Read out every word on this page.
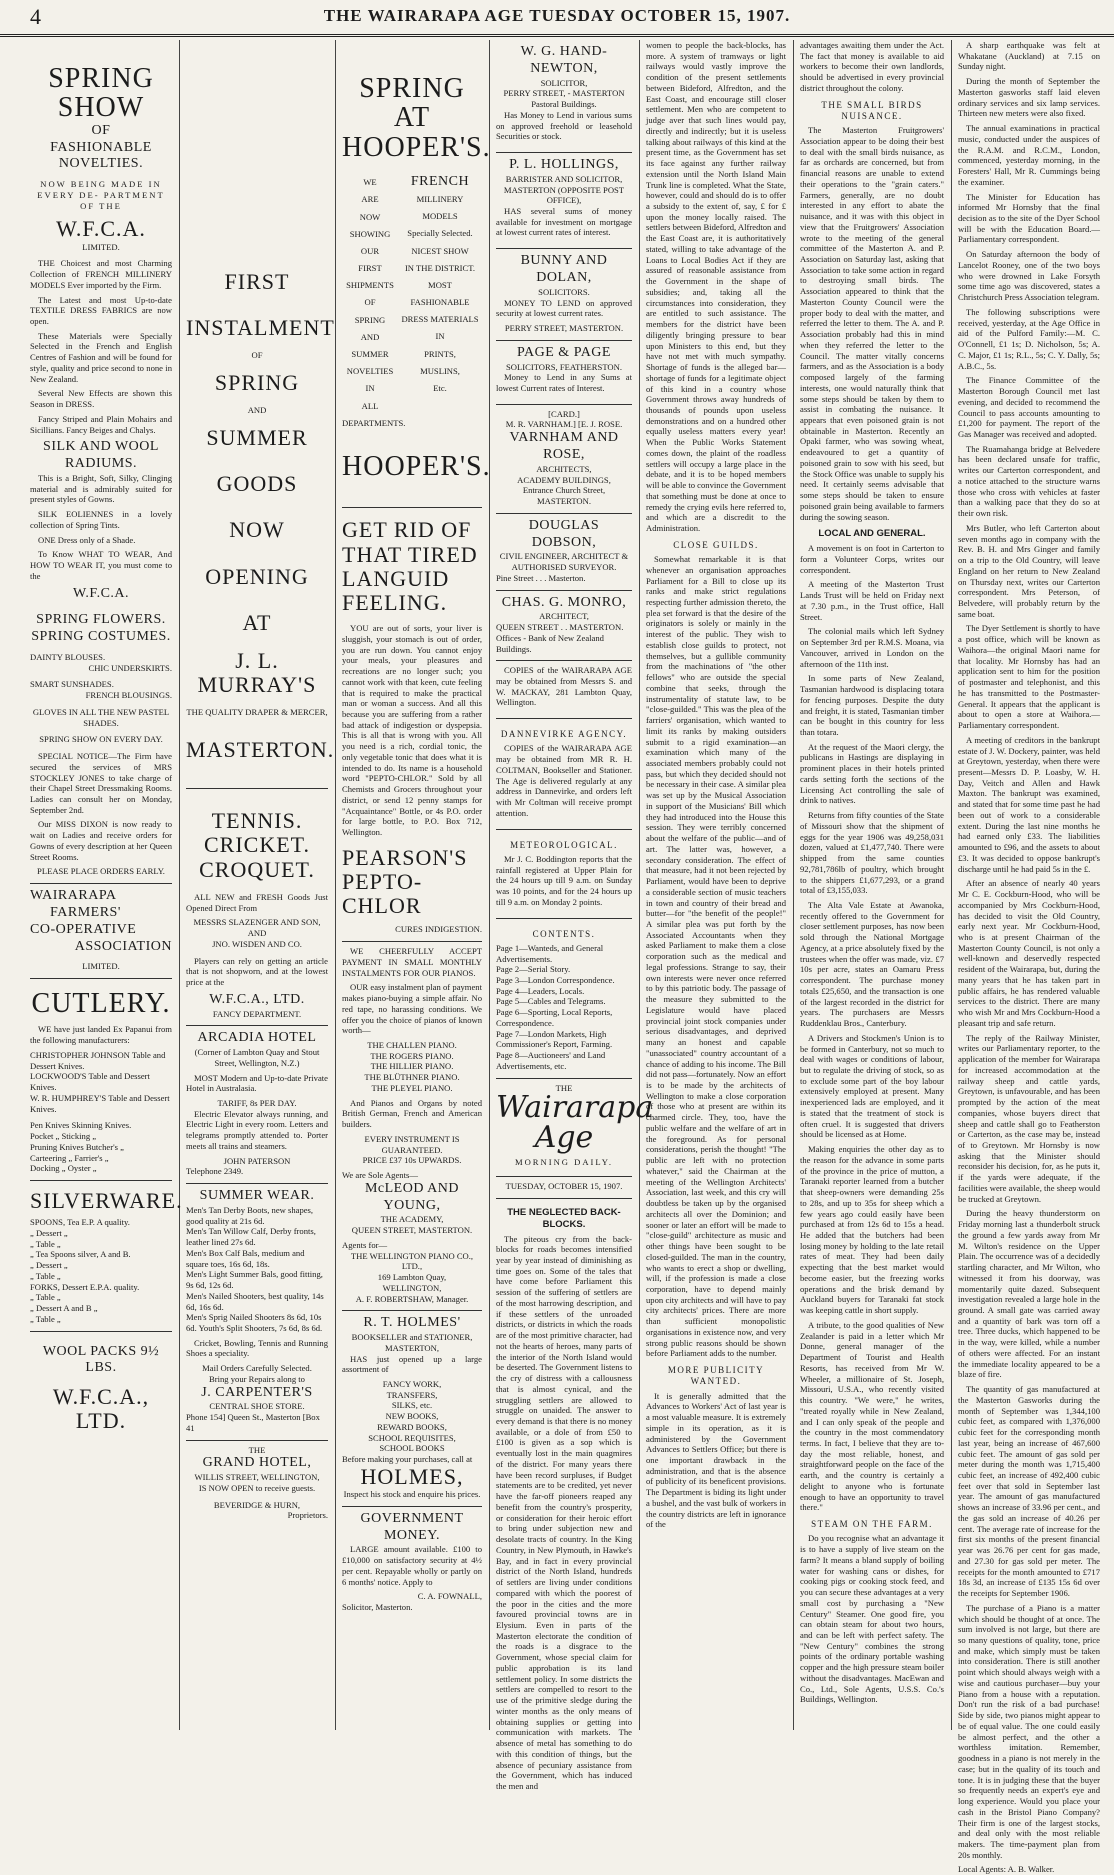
4	THE WAIRARAPA AGE TUESDAY OCTOBER 15, 1907.
SPRING SHOW
OF
FASHIONABLE NOVELTIES.
NOW BEING MADE IN EVERY DE- PARTMENT OF THE
W.F.C.A.
LIMITED.

THE Choicest and most Charming Collection of FRENCH MILLINERY MODELS Ever imported by the Firm.

The Latest and most Up-to-date TEXTILE DRESS FABRICS are now open.

These Materials were Specially Selected in the French and English Centres of Fashion and will be found for style, quality and price second to none in New Zealand.

Several New Effects are shown this Season in DRESS.

Fancy Striped and Plain Mohairs and Sicillians. Fancy Beiges and Chalys.

SILK AND WOOL RADIUMS.

This is a Bright, Soft, Silky, Clinging material and is admirably suited for present styles of Gowns.

SILK EOLIENNES in a lovely collection of Spring Tints.

ONE Dress only of a Shade.

To Know WHAT TO WEAR, And HOW TO WEAR IT, you must come to the

W.F.C.A.
SPRING FLOWERS.
SPRING COSTUMES.
DAINTY BLOUSES.
CHIC UNDERSKIRTS.
SMART SUNSHADES.
FRENCH BLOUSINGS.
GLOVES IN ALL THE NEW PASTEL SHADES.
SPRING SHOW ON EVERY DAY.

SPECIAL NOTICE—The Firm have secured the services of MRS STOCKLEY JONES to take charge of their Chapel Street Dressmaking Rooms. Ladies can consult her on Monday, September 2nd.

Our MISS DIXON is now ready to wait on Ladies and receive orders for Gowns of every description at her Queen Street Rooms.

PLEASE PLACE ORDERS EARLY.
WAIRARAPA
FARMERS'
CO-OPERATIVE
ASSOCIATION
LIMITED.
CUTLERY.

WE have just landed Ex Papanui from the following manufacturers:

CHRISTOPHER JOHNSON Table and Dessert Knives.
LOCKWOOD'S Table and Dessert Knives.
W. R. HUMPHREY'S Table and Dessert Knives.
Pen Knives Skinning Knives.
Pocket „ Sticking „
Pruning Knives Butcher's „
Carteering „ Farrier's „
Docking „ Oyster „
SILVERWARE.
SPOONS, Tea E.P. A quality.
„ Dessert „
„ Table „
„ Tea Spoons silver, A and B.
„ Dessert „
„ Table „
FORKS, Dessert E.P.A. quality.
„ Table „
„ Dessert A and B „
„ Table „
WOOL PACKS 9½ LBS.
W.F.C.A., LTD.
FIRST
INSTALMENT
OF
SPRING
AND
SUMMER
GOODS
NOW
OPENING
AT
J. L. MURRAY'S
THE QUALITY DRAPER & MERCER,
MASTERTON.
TENNIS.
CRICKET.
CROQUET.

ALL NEW and FRESH Goods Just Opened Direct From

MESSRS SLAZENGER AND SON,
AND
JNO. WISDEN AND CO.

Players can rely on getting an article that is not shopworn, and at the lowest price at the

W.F.C.A., LTD.
FANCY DEPARTMENT.
ARCADIA HOTEL
(Corner of Lambton Quay and Stout Street, Wellington, N.Z.)

MOST Modern and Up-to-date Private Hotel in Australasia.

TARIFF, 8s PER DAY.

Electric Elevator always running, and Electric Light in every room. Letters and telegrams promptly attended to. Porter meets all trains and steamers.

JOHN PATERSON
Telephone 2349.
SUMMER WEAR.
Men's Tan Derby Boots, new shapes, good quality at 21s 6d.
Men's Tan Willow Calf, Derby fronts, leather lined 27s 6d.
Men's Box Calf Bals, medium and square toes, 16s 6d, 18s.
Men's Light Summer Bals, good fitting, 9s 6d, 12s 6d.
Men's Nailed Shooters, best quality, 14s 6d, 16s 6d.
Men's Sprig Nailed Shooters 8s 6d, 10s 6d. Youth's Split Shooters, 7s 6d, 8s 6d.

Cricket, Bowling, Tennis and Running Shoes a speciality.

Mail Orders Carefully Selected.
Bring your Repairs along to
J. CARPENTER'S
CENTRAL SHOE STORE.
Phone 154] Queen St., Masterton [Box 41
THE
GRAND HOTEL,
WILLIS STREET, WELLINGTON,
IS NOW OPEN to receive guests.
BEVERIDGE & HURN,
Proprietors.
SPRING AT HOOPER'S.
WE
ARE
NOW
SHOWING
OUR
FIRST
SHIPMENTS
OF
SPRING
AND
SUMMER
NOVELTIES
IN
ALL
DEPARTMENTS.
FRENCH
MILLINERY
MODELS
Specially Selected.
NICEST SHOW
IN THE DISTRICT.
MOST
FASHIONABLE
DRESS MATERIALS
IN
PRINTS,
MUSLINS,
Etc.
HOOPER'S.
GET RID OF THAT TIRED LANGUID FEELING.

YOU are out of sorts, your liver is sluggish, your stomach is out of order, you are run down. You cannot enjoy your meals, your pleasures and recreations are no longer such; you cannot work with that keen, cute feeling that is required to make the practical man or woman a success. And all this because you are suffering from a rather bad attack of indigestion or dyspepsia. This is all that is wrong with you. All you need is a rich, cordial tonic, the only vegetable tonic that does what it is intended to do. Its name is a household word "PEPTO-CHLOR." Sold by all Chemists and Grocers throughout your district, or send 12 penny stamps for "Acquaintance" Bottle, or 4s P.O. order for large bottle, to P.O. Box 712, Wellington.

PEARSON'S PEPTO-CHLOR
CURES INDIGESTION.

WE CHEERFULLY ACCEPT PAYMENT IN SMALL MONTHLY INSTALMENTS FOR OUR PIANOS.

OUR easy instalment plan of payment makes piano-buying a simple affair. No red tape, no harassing conditions. We offer you the choice of pianos of known worth—

THE CHALLEN PIANO.
THE ROGERS PIANO.
THE HILLIER PIANO.
THE BLÜTHNER PIANO.
THE PLEYEL PIANO.

And Pianos and Organs by noted British German, French and American builders.

EVERY INSTRUMENT IS GUARANTEED.
PRICE £37 10s UPWARDS.
We are Sole Agents—
McLEOD AND YOUNG,
THE ACADEMY,
QUEEN STREET, MASTERTON.
Agents for—
THE WELLINGTON PIANO CO., LTD.,
169 Lambton Quay,
WELLINGTON,
A. F. ROBERTSHAW, Manager.
R. T. HOLMES'
BOOKSELLER and STATIONER,
MASTERTON,

HAS just opened up a large assortment of

FANCY WORK,
TRANSFERS,
SILKS, etc.
NEW BOOKS,
REWARD BOOKS,
SCHOOL REQUISITES,
SCHOOL BOOKS
Before making your purchases, call at
HOLMES,
Inspect his stock and enquire his prices.
GOVERNMENT MONEY.

LARGE amount available. £100 to £10,000 on satisfactory security at 4½ per cent. Repayable wholly or partly on 6 months' notice. Apply to

C. A. FOWNALL,
Solicitor, Masterton.
W. G. HAND-NEWTON,
SOLICITOR,
PERRY STREET, - MASTERTON
Pastoral Buildings.

Has Money to Lend in various sums on approved freehold or leasehold Securities or stock.

P. L. HOLLINGS,
BARRISTER AND SOLICITOR,
MASTERTON (OPPOSITE POST OFFICE),

HAS several sums of money available for investment on mortgage at lowest current rates of interest.

BUNNY AND DOLAN,
SOLICITORS.

MONEY TO LEND on approved security at lowest current rates.

PERRY STREET, MASTERTON.
PAGE & PAGE
SOLICITORS, FEATHERSTON.

Money to Lend in any Sums at lowest Current rates of Interest.

[CARD.]
M. R. VARNHAM.] [E. J. ROSE.
VARNHAM AND ROSE,
ARCHITECTS,
ACADEMY BUILDINGS,
Entrance Church Street, MASTERTON.
DOUGLAS DOBSON,
CIVIL ENGINEER, ARCHITECT & AUTHORISED SURVEYOR.
Pine Street . . . Masterton.
CHAS. G. MONRO,
ARCHITECT,
QUEEN STREET . . MASTERTON.
Offices - Bank of New Zealand Buildings.

COPIES of the WAIRARAPA AGE may be obtained from Messrs S. and W. MACKAY, 281 Lambton Quay, Wellington.

DANNEVIRKE AGENCY.

COPIES of the WAIRARAPA AGE may be obtained from MR R. H. COLTMAN, Bookseller and Stationer. The Age is delivered regularly at any address in Dannevirke, and orders left with Mr Coltman will receive prompt attention.

METEOROLOGICAL.

Mr J. C. Boddington reports that the rainfall registered at Upper Plain for the 24 hours up till 9 a.m. on Sunday was 10 points, and for the 24 hours up till 9 a.m. on Monday 2 points.

CONTENTS.
Page 1—Wanteds, and General Advertisements.
Page 2—Serial Story.
Page 3—London Correspondence.
Page 4—Leaders, Locals.
Page 5—Cables and Telegrams.
Page 6—Sporting, Local Reports, Correspondence.
Page 7—London Markets, High Commissioner's Report, Farming.
Page 8—Auctioneers' and Land Advertisements, etc.
THE
Wairarapa Age
MORNING DAILY.
TUESDAY, OCTOBER 15, 1907.
THE NEGLECTED BACK-BLOCKS.

The piteous cry from the back-blocks for roads becomes intensified year by year instead of diminishing as time goes on. Some of the tales that have come before Parliament this session of the suffering of settlers are of the most harrowing description, and if these settlers of the unroaded districts, or districts in which the roads are of the most primitive character, had not the hearts of heroes, many parts of the interior of the North Island would be deserted. The Government listens to the cry of distress with a callousness that is almost cynical, and the struggling settlers are allowed to struggle on unaided. The answer to every demand is that there is no money available, or a dole of from £50 to £100 is given as a sop which is eventually lost in the main quagmires of the district. For many years there have been record surpluses, if Budget statements are to be credited, yet never have the far-off pioneers reaped any benefit from the country's prosperity, or consideration for their heroic effort to bring under subjection new and desolate tracts of country. In the King Country, in New Plymouth, in Hawke's Bay, and in fact in every provincial district of the North Island, hundreds of settlers are living under conditions compared with which the poorest of the poor in the cities and the more favoured provincial towns are in Elysium. Even in parts of the Masterton electorate the condition of the roads is a disgrace to the Government, whose special claim for public approbation is its land settlement policy. In some districts the settlers are compelled to resort to the use of the primitive sledge during the winter months as the only means of obtaining supplies or getting into communication with markets. The absence of metal has something to do with this condition of things, but the absence of pecuniary assistance from the Government, which has induced the men and

women to people the back-blocks, has more. A system of tramways or light railways would vastly improve the condition of the present settlements between Bideford, Alfredton, and the East Coast, and encourage still closer settlement. Men who are competent to judge aver that such lines would pay, directly and indirectly; but it is useless talking about railways of this kind at the present time, as the Government has set its face against any further railway extension until the North Island Main Trunk line is completed. What the State, however, could and should do is to offer a subsidy to the extent of, say, £ for £ upon the money locally raised. The settlers between Bideford, Alfredton and the East Coast are, it is authoritatively stated, willing to take advantage of the Loans to Local Bodies Act if they are assured of reasonable assistance from the Government in the shape of subsidies; and, taking all the circumstances into consideration, they are entitled to such assistance. The members for the district have been diligently bringing pressure to bear upon Ministers to this end, but they have not met with much sympathy. Shortage of funds is the alleged bar—shortage of funds for a legitimate object of this kind in a country whose Government throws away hundreds of thousands of pounds upon useless demonstrations and on a hundred other equally useless matters every year! When the Public Works Statement comes down, the plaint of the roadless settlers will occupy a large place in the debate, and it is to be hoped members will be able to convince the Government that something must be done at once to remedy the crying evils here referred to, and which are a discredit to the Administration.

CLOSE GUILDS.

Somewhat remarkable it is that whenever an organisation approaches Parliament for a Bill to close up its ranks and make strict regulations respecting further admission thereto, the plea set forward is that the desire of the originators is solely or mainly in the interest of the public. They wish to establish close guilds to protect, not themselves, but a gullible community from the machinations of "the other fellows" who are outside the special combine that seeks, through the instrumentality of statute law, to be "close-guilded." This was the plea of the farriers' organisation, which wanted to limit its ranks by making outsiders submit to a rigid examination—an examination which many of the associated members probably could not pass, but which they decided should not be necessary in their case. A similar plea was set up by the Musical Association in support of the Musicians' Bill which they had introduced into the House this session. They were terribly concerned about the welfare of the public—and of art. The latter was, however, a secondary consideration. The effect of that measure, had it not been rejected by Parliament, would have been to deprive a considerable section of music teachers in town and country of their bread and butter—for "the benefit of the people!" A similar plea was put forth by the Associated Accountants when they asked Parliament to make them a close corporation such as the medical and legal professions. Strange to say, their own interests were never once referred to by this patriotic body. The passage of the measure they submitted to the Legislature would have placed provincial joint stock companies under serious disadvantages, and deprived many an honest and capable "unassociated" country accountant of a chance of adding to his income. The Bill did not pass—fortunately. Now an effort is to be made by the architects of Wellington to make a close corporation of those who at present are within its charmed circle. They, too, have the public welfare and the welfare of art in the foreground. As for personal considerations, perish the thought! "The public are left with no protection whatever," said the Chairman at the meeting of the Wellington Architects' Association, last week, and this cry will doubtless be taken up by the organised architects all over the Dominion; and sooner or later an effort will be made to "close-guild" architecture as music and other things have been sought to be closed-guilded. The man in the country, who wants to erect a shop or dwelling, will, if the profession is made a close corporation, have to depend mainly upon city architects and will have to pay city architects' prices. There are more than sufficient monopolistic organisations in existence now, and very strong public reasons should be shown before Parliament adds to the number.

MORE PUBLICITY WANTED.

It is generally admitted that the Advances to Workers' Act of last year is a most valuable measure. It is extremely simple in its operation, as it is administered by the Government Advances to Settlers Office; but there is one important drawback in the administration, and that is the absence of publicity of its beneficent provisions. The Department is biding its light under a bushel, and the vast bulk of workers in the country districts are left in ignorance of the

advantages awaiting them under the Act. The fact that money is available to aid workers to become their own landlords, should be advertised in every provincial district throughout the colony.

THE SMALL BIRDS NUISANCE.

The Masterton Fruitgrowers' Association appear to be doing their best to deal with the small birds nuisance, as far as orchards are concerned, but from financial reasons are unable to extend their operations to the "grain caters." Farmers, generally, are no doubt interested in any effort to abate the nuisance, and it was with this object in view that the Fruitgrowers' Association wrote to the meeting of the general committee of the Masterton A. and P. Association on Saturday last, asking that Association to take some action in regard to destroying small birds. The Association appeared to think that the Masterton County Council were the proper body to deal with the matter, and referred the letter to them. The A. and P. Association probably had this in mind when they referred the letter to the Council. The matter vitally concerns farmers, and as the Association is a body composed largely of the farming interests, one would naturally think that some steps should be taken by them to assist in combating the nuisance. It appears that even poisoned grain is not obtainable in Masterton. Recently an Opaki farmer, who was sowing wheat, endeavoured to get a quantity of poisoned grain to sow with his seed, but the Stock Office was unable to supply his need. It certainly seems advisable that some steps should be taken to ensure poisoned grain being available to farmers during the sowing season.

LOCAL AND GENERAL.

A movement is on foot in Carterton to form a Volunteer Corps, writes our correspondent.

A meeting of the Masterton Trust Lands Trust will be held on Friday next at 7.30 p.m., in the Trust office, Hall Street.

The colonial mails which left Sydney on September 3rd per R.M.S. Moana, via Vancouver, arrived in London on the afternoon of the 11th inst.

In some parts of New Zealand, Tasmanian hardwood is displacing totara for fencing purposes. Despite the duty and freight, it is stated, Tasmanian timber can be bought in this country for less than totara.

At the request of the Maori clergy, the publicans in Hastings are displaying in prominent places in their hotels printed cards setting forth the sections of the Licensing Act controlling the sale of drink to natives.

Returns from fifty counties of the State of Missouri show that the shipment of eggs for the year 1906 was 49,258,031 dozen, valued at £1,477,740. There were shipped from the same counties 92,781,786lb of poultry, which brought to the shippers £1,677,293, or a grand total of £3,155,033.

The Alta Vale Estate at Awanoka, recently offered to the Government for closer settlement purposes, has now been sold through the National Mortgage Agency, at a price absolutely fixed by the trustees when the offer was made, viz. £7 10s per acre, states an Oamaru Press correspondent. The purchase money totals £25,650, and the transaction is one of the largest recorded in the district for years. The purchasers are Messrs Ruddenklau Bros., Canterbury.

A Drivers and Stockmen's Union is to be formed in Canterbury, not so much to deal with wages or conditions of labour, but to regulate the driving of stock, so as to exclude some part of the boy labour extensively employed at present. Many inexperienced lads are employed, and it is stated that the treatment of stock is often cruel. It is suggested that drivers should be licensed as at Home.

Making enquiries the other day as to the reason for the advance in some parts of the province in the price of mutton, a Taranaki reporter learned from a butcher that sheep-owners were demanding 25s to 28s, and up to 35s for sheep which a few years ago could easily have been purchased at from 12s 6d to 15s a head. He added that the butchers had been losing money by holding to the late retail rates of meat. They had been daily expecting that the best market would become easier, but the freezing works operations and the brisk demand by Auckland buyers for Taranaki fat stock was keeping cattle in short supply.

A tribute, to the good qualities of New Zealander is paid in a letter which Mr Donne, general manager of the Department of Tourist and Health Resorts, has received from Mr W. Wheeler, a millionaire of St. Joseph, Missouri, U.S.A., who recently visited this country. "We were," he writes, "treated royally while in New Zealand, and I can only speak of the people and the country in the most commendatory terms. In fact, I believe that they are to-day the most reliable, honest, and straightforward people on the face of the earth, and the country is certainly a delight to anyone who is fortunate enough to have an opportunity to travel there."

STEAM ON THE FARM.

Do you recognise what an advantage it is to have a supply of live steam on the farm? It means a bland supply of boiling water for washing cans or dishes, for cooking pigs or cooking stock feed, and you can secure these advantages at a very small cost by purchasing a "New Century" Steamer. One good fire, you can obtain steam for about two hours, and can be left with perfect safety. The "New Century" combines the strong points of the ordinary portable washing copper and the high pressure steam boiler without the disadvantages. MacEwan and Co., Ltd., Sole Agents, U.S.S. Co.'s Buildings, Wellington.

A sharp earthquake was felt at Whakatane (Auckland) at 7.15 on Sunday night.

During the month of September the Masterton gasworks staff laid eleven ordinary services and six lamp services. Thirteen new meters were also fixed.

The annual examinations in practical music, conducted under the auspices of the R.A.M. and R.C.M., London, commenced, yesterday morning, in the Foresters' Hall, Mr R. Cummings being the examiner.

The Minister for Education has informed Mr Hornsby that the final decision as to the site of the Dyer School will be with the Education Board.—Parliamentary correspondent.

On Saturday afternoon the body of Lancelot Rooney, one of the two boys who were drowned in Lake Forsyth some time ago was discovered, states a Christchurch Press Association telegram.

The following subscriptions were received, yesterday, at the Age Office in aid of the Pulford Family:—M. C. O'Connell, £1 1s; D. Nicholson, 5s; A. C. Major, £1 1s; R.L., 5s; C. Y. Dally, 5s; A.B.C., 5s.

The Finance Committee of the Masterton Borough Council met last evening, and decided to recommend the Council to pass accounts amounting to £1,200 for payment. The report of the Gas Manager was received and adopted.

The Ruamahanga bridge at Belvedere has been declared unsafe for traffic, writes our Carterton correspondent, and a notice attached to the structure warns those who cross with vehicles at faster than a walking pace that they do so at their own risk.

Mrs Butler, who left Carterton about seven months ago in company with the Rev. B. H. and Mrs Ginger and family on a trip to the Old Country, will leave England on her return to New Zealand on Thursday next, writes our Carterton correspondent. Mrs Peterson, of Belvedere, will probably return by the same boat.

The Dyer Settlement is shortly to have a post office, which will be known as Waihora—the original Maori name for that locality. Mr Hornsby has had an application sent to him for the position of postmaster and telephonist, and this he has transmitted to the Postmaster-General. It appears that the applicant is about to open a store at Waihora.—Parliamentary correspondent.

A meeting of creditors in the bankrupt estate of J. W. Dockery, painter, was held at Greytown, yesterday, when there were present—Messrs D. P. Loasby, W. H. Day, Veitch and Allen and Hawk Maxton. The bankrupt was examined, and stated that for some time past he had been out of work to a considerable extent. During the last nine months he had earned only £33. The liabilities amounted to £96, and the assets to about £3. It was decided to oppose bankrupt's discharge until he had paid 5s in the £.

After an absence of nearly 40 years Mr C. E. Cockburn-Hood, who will be accompanied by Mrs Cockburn-Hood, has decided to visit the Old Country, early next year. Mr Cockburn-Hood, who is at present Chairman of the Masterton County Council, is not only a well-known and deservedly respected resident of the Wairarapa, but, during the many years that he has taken part in public affairs, he has rendered valuable services to the district. There are many who wish Mr and Mrs Cockburn-Hood a pleasant trip and safe return.

The reply of the Railway Minister, writes our Parliamentary reporter, to the application of the member for Wairarapa for increased accommodation at the railway sheep and cattle yards, Greytown, is unfavourable, and has been prompted by the action of the meat companies, whose buyers direct that sheep and cattle shall go to Featherston or Carterton, as the case may be, instead of to Greytown. Mr Hornsby is now asking that the Minister should reconsider his decision, for, as he puts it, if the yards were adequate, if the facilities were available, the sheep would be trucked at Greytown.

During the heavy thunderstorm on Friday morning last a thunderbolt struck the ground a few yards away from Mr M. Wilton's residence on the Upper Plain. The occurrence was of a decidedly startling character, and Mr Wilton, who witnessed it from his doorway, was momentarily quite dazed. Subsequent investigation revealed a large hole in the ground. A small gate was carried away and a quantity of bark was torn off a tree. Three ducks, which happened to be in the way, were killed, while a number of others were affected. For an instant the immediate locality appeared to be a blaze of fire.

The quantity of gas manufactured at the Masterton Gasworks during the month of September was 1,344,100 cubic feet, as compared with 1,376,000 cubic feet for the corresponding month last year, being an increase of 467,600 cubic feet. The amount of gas sold per meter during the month was 1,715,400 cubic feet, an increase of 492,400 cubic feet over that sold in September last year. The amount of gas manufactured shows an increase of 33.96 per cent., and the gas sold an increase of 40.26 per cent. The average rate of increase for the first six months of the present financial year was 26.76 per cent for gas made, and 27.30 for gas sold per meter. The receipts for the month amounted to £717 18s 3d, an increase of £135 15s 6d over the receipts for September 1906.

The purchase of a Piano is a matter which should be thought of at once. The sum involved is not large, but there are so many questions of quality, tone, price and make, which simply must be taken into consideration. There is still another point which should always weigh with a wise and cautious purchaser—buy your Piano from a house with a reputation. Don't run the risk of a bad purchase! Side by side, two pianos might appear to be of equal value. The one could easily be almost perfect, and the other a worthless imitation. Remember, goodness in a piano is not merely in the case; but in the quality of its touch and tone. It is in judging these that the buyer so frequently needs an expert's eye and long experience. Would you place your cash in the Bristol Piano Company? Their firm is one of the largest stocks, and deal only with the most reliable makers. The time-payment plan from 20s monthly.

Local Agents: A. B. Walker.
